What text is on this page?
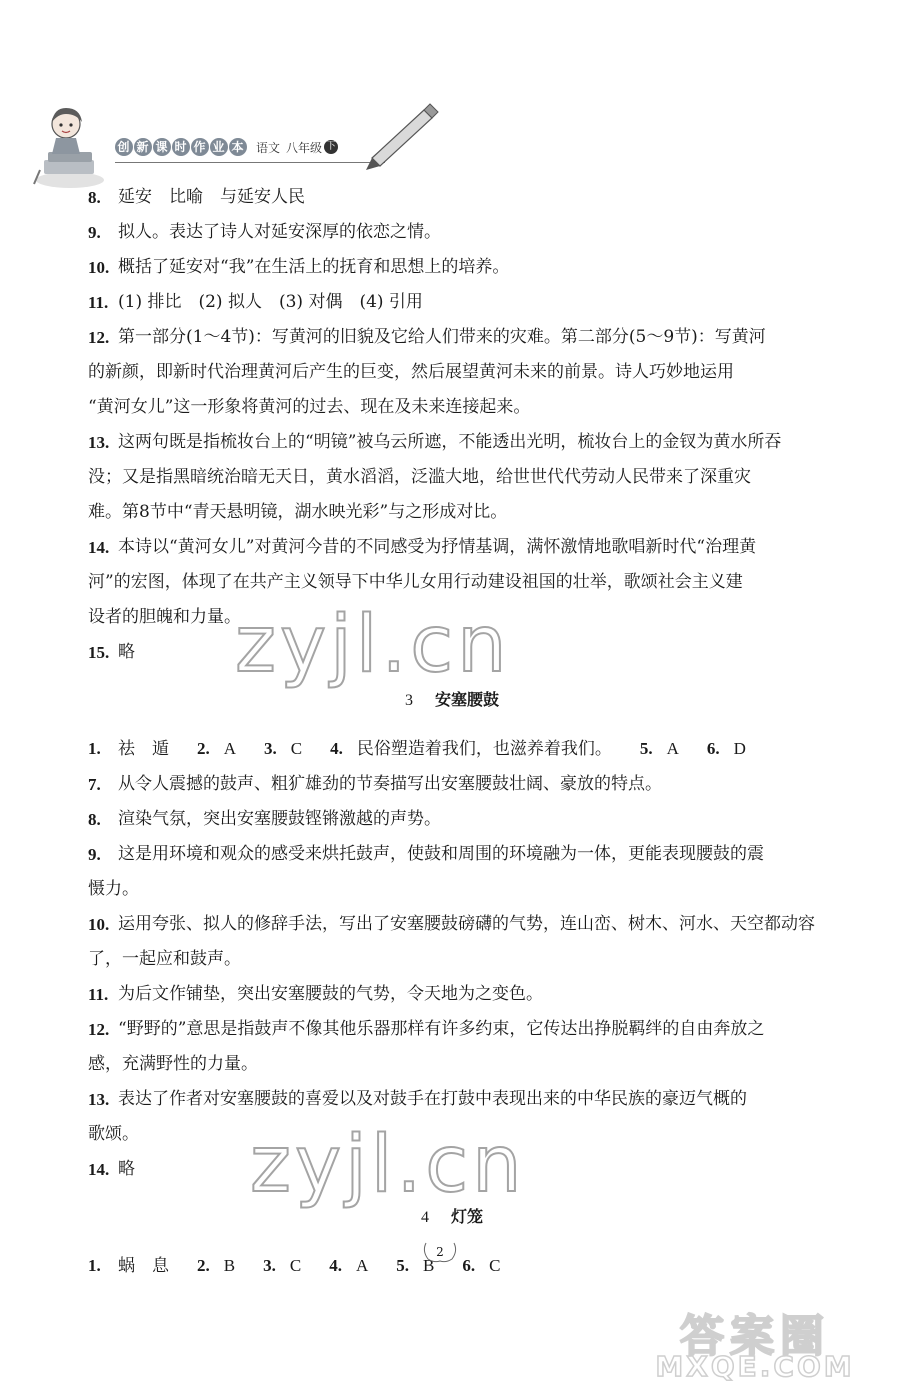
创 新 课 时 作 业 本 语文 八年级 下
zyjl.cn
zyjl.cn
8.	延安　比喻　与延安人民
9.	拟人。表达了诗人对延安深厚的依恋之情。
10. 概括了延安对“我”在生活上的抚育和思想上的培养。
11. (1) 排比　(2) 拟人　(3) 对偶　(4) 引用
12. 第一部分(1～4节)：写黄河的旧貌及它给人们带来的灾难。第二部分(5～9节)：写黄河
的新颜，即新时代治理黄河后产生的巨变，然后展望黄河未来的前景。诗人巧妙地运用
“黄河女儿”这一形象将黄河的过去、现在及未来连接起来。
13. 这两句既是指梳妆台上的“明镜”被乌云所遮，不能透出光明，梳妆台上的金钗为黄水所吞
没；又是指黑暗统治暗无天日，黄水滔滔，泛滥大地，给世世代代劳动人民带来了深重灾
难。第8节中“青天悬明镜，湖水映光彩”与之形成对比。
14. 本诗以“黄河女儿”对黄河今昔的不同感受为抒情基调，满怀激情地歌唱新时代“治理黄
河”的宏图，体现了在共产主义领导下中华儿女用行动建设祖国的壮举，歌颂社会主义建
设者的胆魄和力量。
15. 略
3 安塞腰鼓
1.	祛　遁 2. A 3. C 4. 民俗塑造着我们，也滋养着我们。 5. A 6. D
7.	从令人震撼的鼓声、粗犷雄劲的节奏描写出安塞腰鼓壮阔、豪放的特点。
8.	渲染气氛，突出安塞腰鼓铿锵激越的声势。
9.	这是用环境和观众的感受来烘托鼓声，使鼓和周围的环境融为一体，更能表现腰鼓的震
慑力。
10. 运用夸张、拟人的修辞手法，写出了安塞腰鼓磅礴的气势，连山峦、树木、河水、天空都动容
了，一起应和鼓声。
11. 为后文作铺垫，突出安塞腰鼓的气势，令天地为之变色。
12. “野野的”意思是指鼓声不像其他乐器那样有许多约束，它传达出挣脱羁绊的自由奔放之
感，充满野性的力量。
13. 表达了作者对安塞腰鼓的喜爱以及对鼓手在打鼓中表现出来的中华民族的豪迈气概的
歌颂。
14. 略
4 灯笼
1.	蜗　息 2. B 3. C 4. A 5. B 6. C
2
答案圈
MXQE.COM
